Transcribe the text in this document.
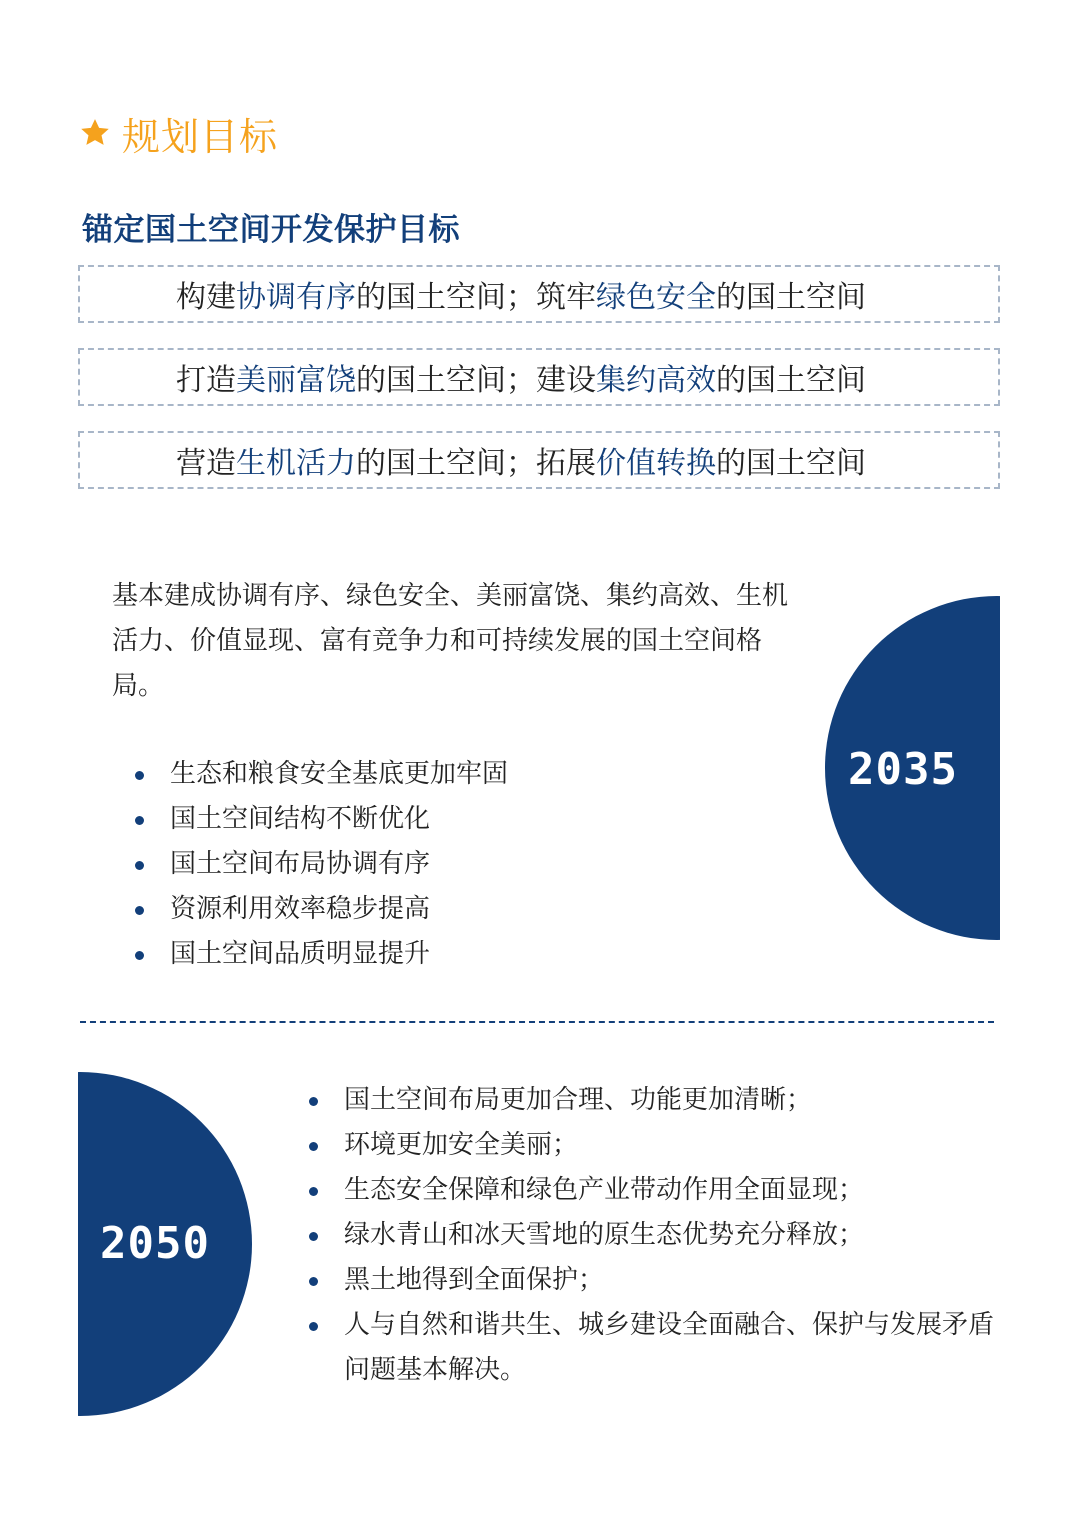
规划目标
锚定国土空间开发保护目标
构建 协调有序 的国土空间；筑牢 绿色安全 的国土空间
打造 美丽富饶 的国土空间；建设 集约高效 的国土空间
营造 生机活力 的国土空间；拓展 价值转换 的国土空间
基本建成协调有序、绿色安全、美丽富饶、集约高效、生机活力、价值显现、富有竞争力和可持续发展的国土空间格局。
生态和粮食安全基底更加牢固
国土空间结构不断优化
国土空间布局协调有序
资源利用效率稳步提高
国土空间品质明显提升
2035
2050
国土空间布局更加合理、功能更加清晰；
环境更加安全美丽；
生态安全保障和绿色产业带动作用全面显现；
绿水青山和冰天雪地的原生态优势充分释放；
黑土地得到全面保护；
人与自然和谐共生、城乡建设全面融合、保护与发展矛盾问题基本解决。
